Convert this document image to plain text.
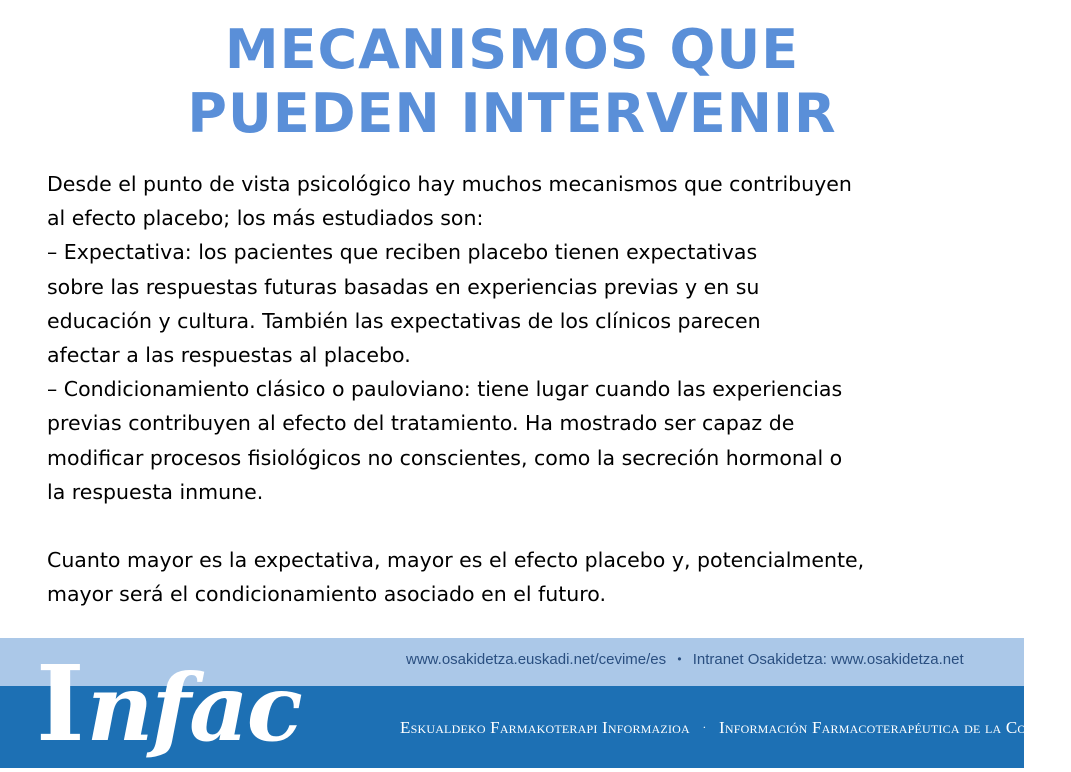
MECANISMOS QUE
PUEDEN INTERVENIR
Desde el punto de vista psicológico hay muchos mecanismos que contribuyen
al efecto placebo; los más estudiados son:
– Expectativa: los pacientes que reciben placebo tienen expectativas
sobre las respuestas futuras basadas en experiencias previas y en su
educación y cultura. También las expectativas de los clínicos parecen
afectar a las respuestas al placebo.
– Condicionamiento clásico o pauloviano: tiene lugar cuando las experiencias
previas contribuyen al efecto del tratamiento. Ha mostrado ser capaz de
modificar procesos fisiológicos no conscientes, como la secreción hormonal o
la respuesta inmune.
Cuanto mayor es la expectativa, mayor es el efecto placebo y, potencialmente,
mayor será el condicionamiento asociado en el futuro.
Infac	www.osakidetza.euskadi.net/cevime/es • Intranet Osakidetza: www.osakidetza.net
Eskualdeko Farmakoterapi Informazioa · Información Farmacoterapéutica de la Comarca
